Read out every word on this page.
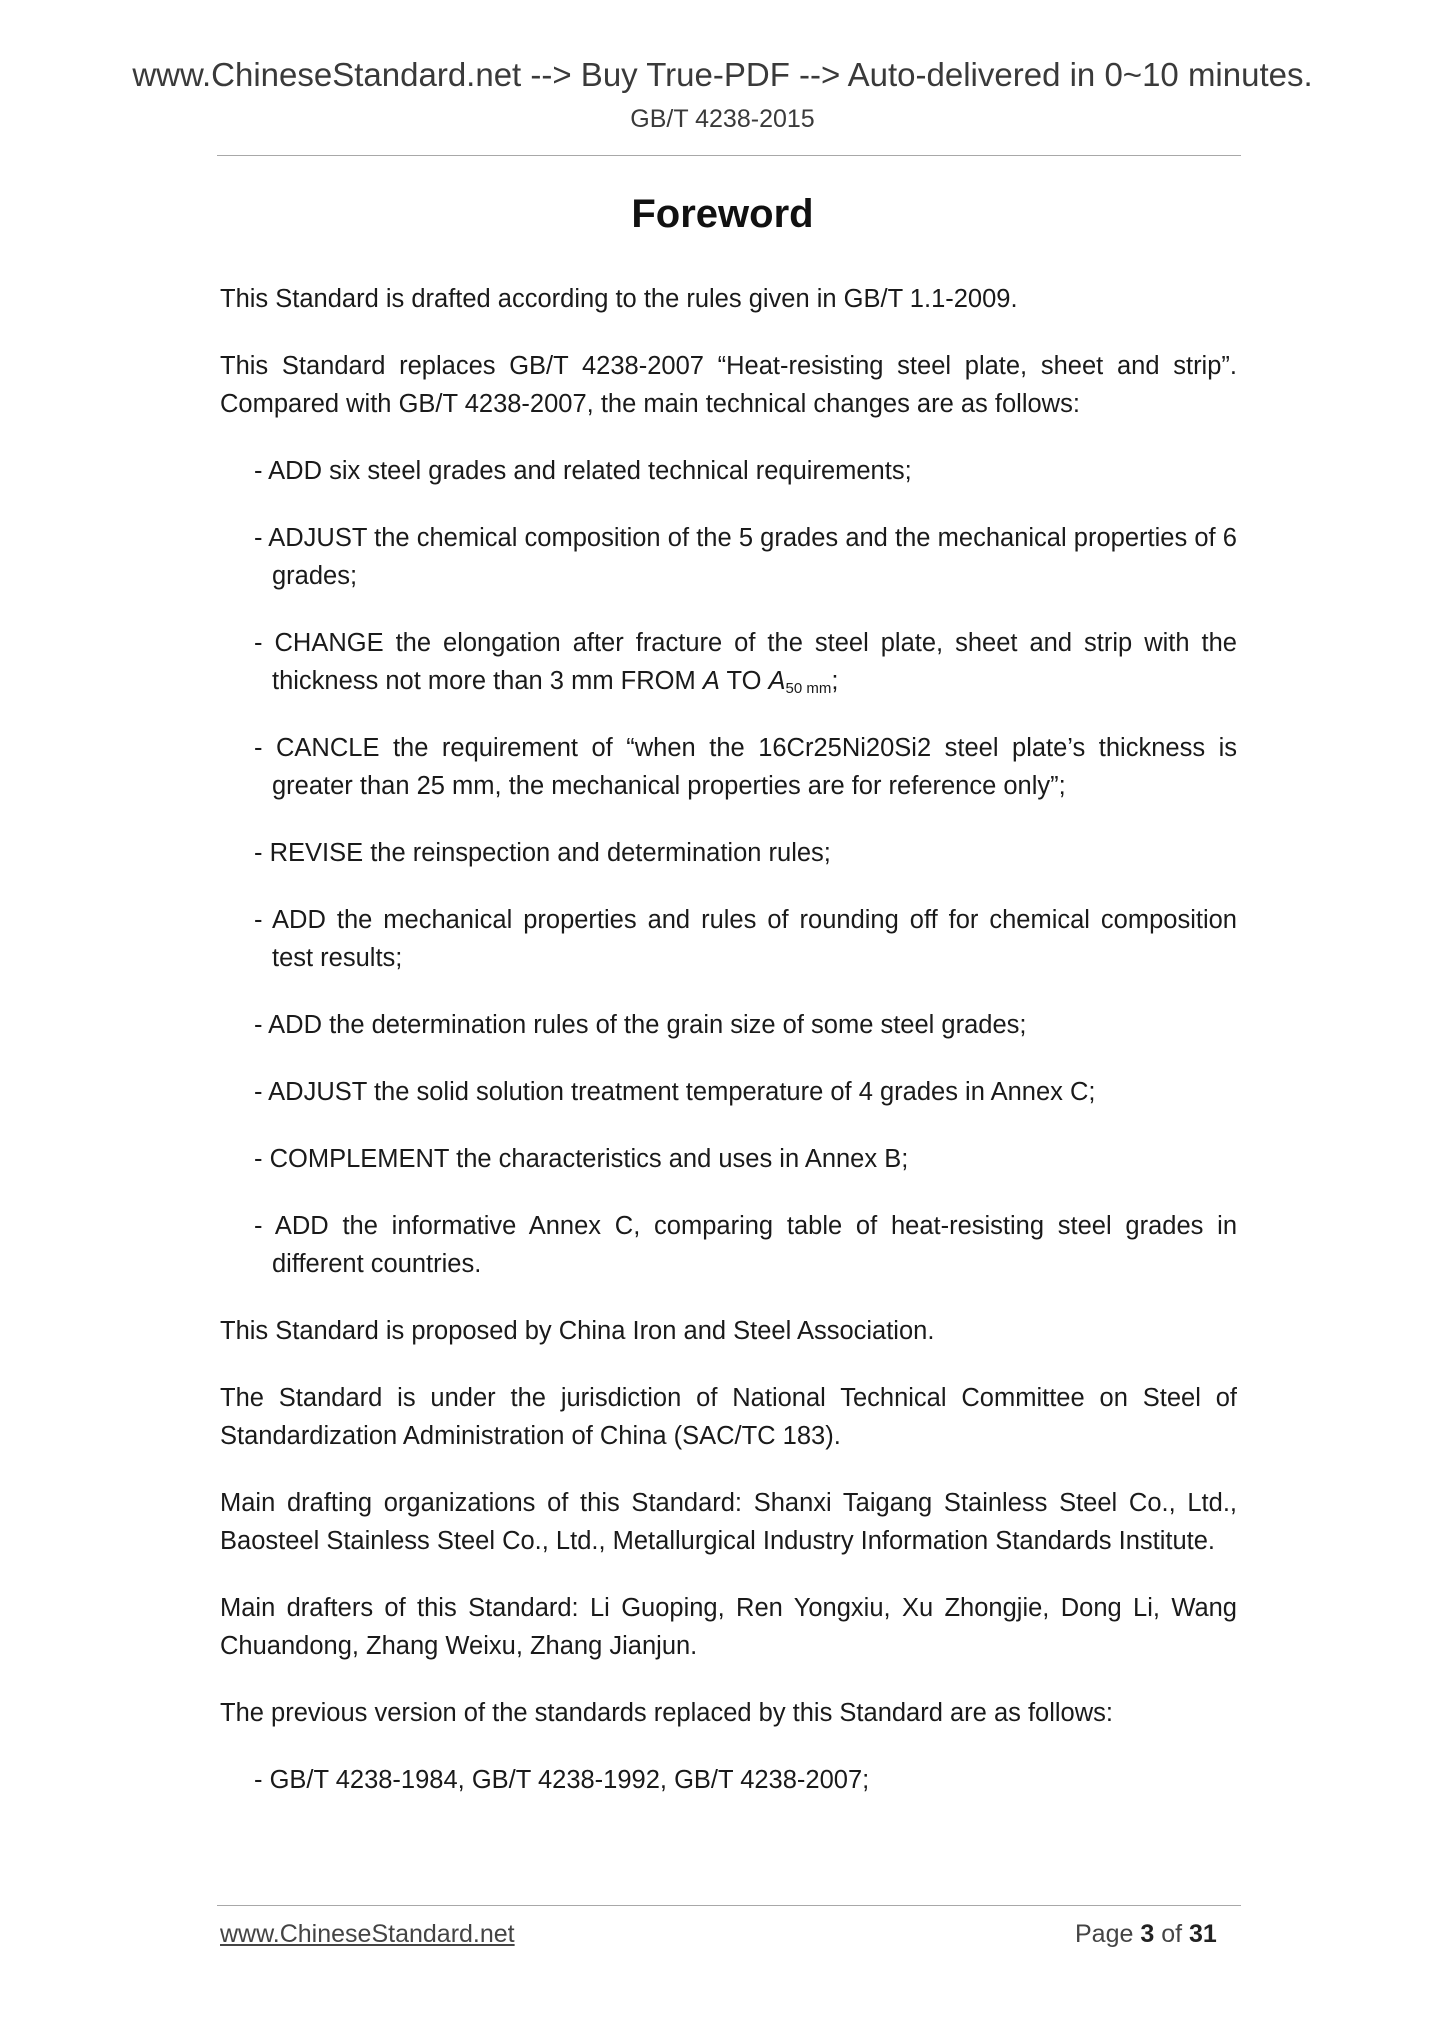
www.ChineseStandard.net --> Buy True-PDF --> Auto-delivered in 0~10 minutes.
GB/T 4238-2015
Foreword

This Standard is drafted according to the rules given in GB/T 1.1-2009.

This Standard replaces GB/T 4238-2007 “Heat-resisting steel plate, sheet and strip”. Compared with GB/T 4238-2007, the main technical changes are as follows:

- ADD six steel grades and related technical requirements;

- ADJUST the chemical composition of the 5 grades and the mechanical properties of 6 grades;

- CHANGE the elongation after fracture of the steel plate, sheet and strip with the thickness not more than 3 mm FROM A TO $A_{50 mm}$;

- CANCLE the requirement of “when the 16Cr25Ni20Si2 steel plate’s thickness is greater than 25 mm, the mechanical properties are for reference only”;

- REVISE the reinspection and determination rules;

- ADD the mechanical properties and rules of rounding off for chemical composition test results;

- ADD the determination rules of the grain size of some steel grades;

- ADJUST the solid solution treatment temperature of 4 grades in Annex C;

- COMPLEMENT the characteristics and uses in Annex B;

- ADD the informative Annex C, comparing table of heat-resisting steel grades in different countries.

This Standard is proposed by China Iron and Steel Association.

The Standard is under the jurisdiction of National Technical Committee on Steel of Standardization Administration of China (SAC/TC 183).

Main drafting organizations of this Standard: Shanxi Taigang Stainless Steel Co., Ltd., Baosteel Stainless Steel Co., Ltd., Metallurgical Industry Information Standards Institute.

Main drafters of this Standard: Li Guoping, Ren Yongxiu, Xu Zhongjie, Dong Li, Wang Chuandong, Zhang Weixu, Zhang Jianjun.

The previous version of the standards replaced by this Standard are as follows:

- GB/T 4238-1984, GB/T 4238-1992, GB/T 4238-2007;

www.ChineseStandard.net	Page 3 of 31
